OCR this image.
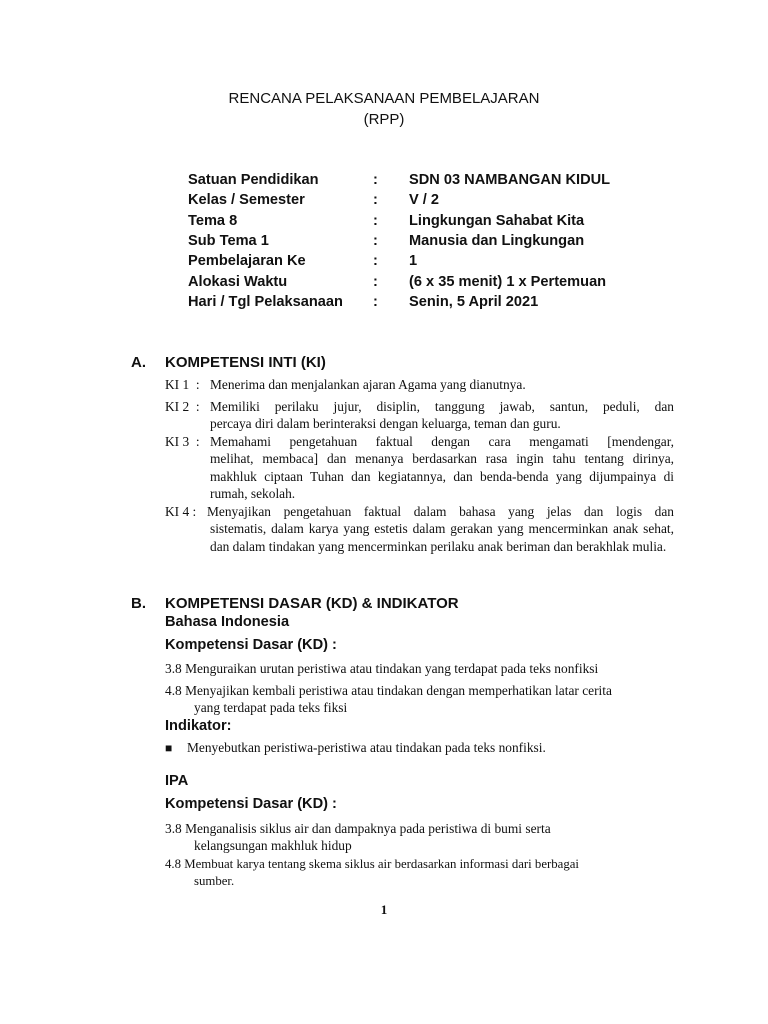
RENCANA PELAKSANAAN PEMBELAJARAN
(RPP)
Satuan Pendidikan	:	SDN 03 NAMBANGAN KIDUL
Kelas / Semester	:	V / 2
Tema 8	:	Lingkungan Sahabat Kita
Sub Tema 1	:	Manusia dan Lingkungan
Pembelajaran Ke	:	1
Alokasi Waktu	:	(6 x 35 menit) 1 x Pertemuan
Hari / Tgl Pelaksanaan	:	Senin, 5 April 2021
A. KOMPETENSI INTI (KI)
KI 1  : Menerima dan menjalankan ajaran Agama yang dianutnya.
KI 2  : Memiliki perilaku jujur, disiplin, tanggung jawab, santun, peduli, dan
percaya diri dalam berinteraksi dengan keluarga, teman dan guru.
KI 3  : Memahami pengetahuan faktual dengan cara mengamati [mendengar,
melihat, membaca] dan menanya berdasarkan rasa ingin tahu tentang dirinya, makhluk ciptaan Tuhan dan kegiatannya, dan benda-benda yang dijumpainya di rumah, sekolah.
KI 4 : Menyajikan pengetahuan faktual dalam bahasa yang jelas dan logis dan
sistematis, dalam karya yang estetis dalam gerakan yang mencerminkan anak sehat, dan dalam tindakan yang mencerminkan perilaku anak beriman dan berakhlak mulia.
B. KOMPETENSI DASAR (KD) & INDIKATOR
Bahasa Indonesia
Kompetensi Dasar (KD) :
3.8 Menguraikan urutan peristiwa atau tindakan yang terdapat pada teks nonfiksi
4.8 Menyajikan kembali peristiwa atau tindakan dengan memperhatikan latar cerita
yang terdapat pada teks fiksi
Indikator:
■ Menyebutkan peristiwa-peristiwa atau tindakan pada teks nonfiksi.
IPA
Kompetensi Dasar (KD) :
3.8 Menganalisis siklus air dan dampaknya pada peristiwa di bumi serta
kelangsungan makhluk hidup
4.8 Membuat karya tentang skema siklus air berdasarkan informasi dari berbagai
sumber.
1
